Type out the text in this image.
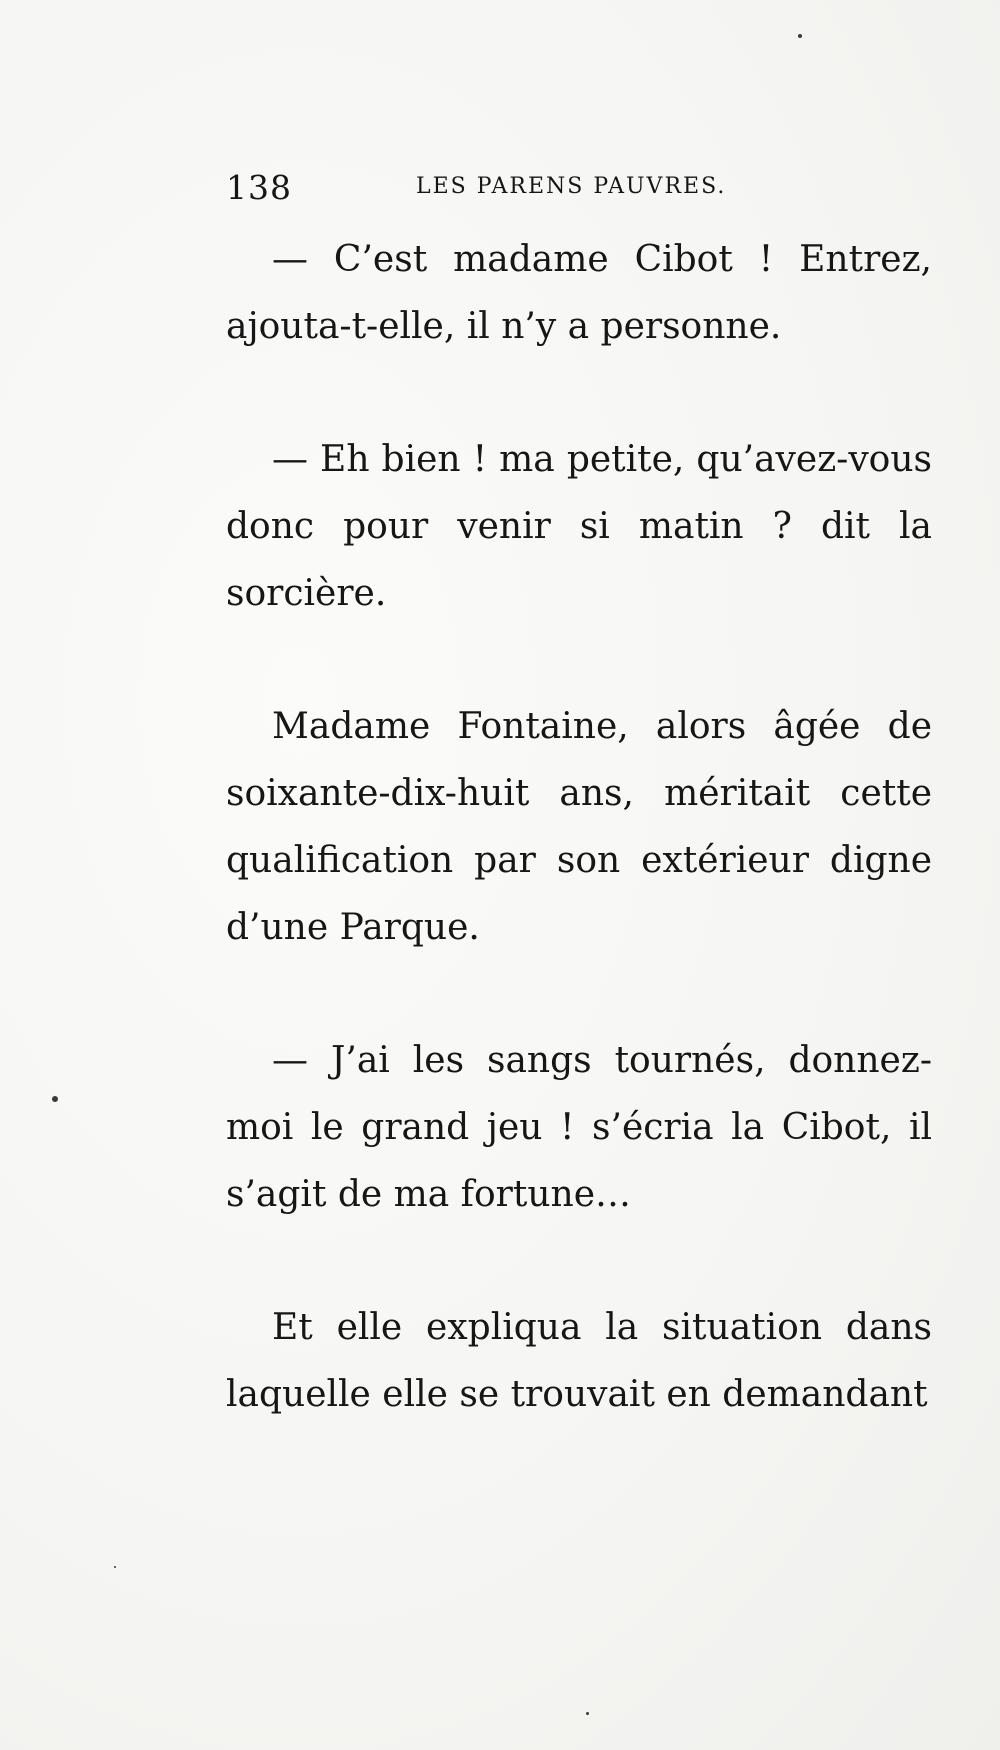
138	LES PARENS PAUVRES.

— C’est madame Cibot ! Entrez, ajouta-t-elle, il n’y a personne.

— Eh bien ! ma petite, qu’avez-vous donc pour venir si matin ? dit la sorcière.

Madame Fontaine, alors âgée de soixante-dix-huit ans, méritait cette qualification par son extérieur digne d’une Parque.

— J’ai les sangs tournés, donnez-moi le grand jeu ! s’écria la Cibot, il s’agit de ma fortune…

Et elle expliqua la situation dans laquelle elle se trouvait en demandant
